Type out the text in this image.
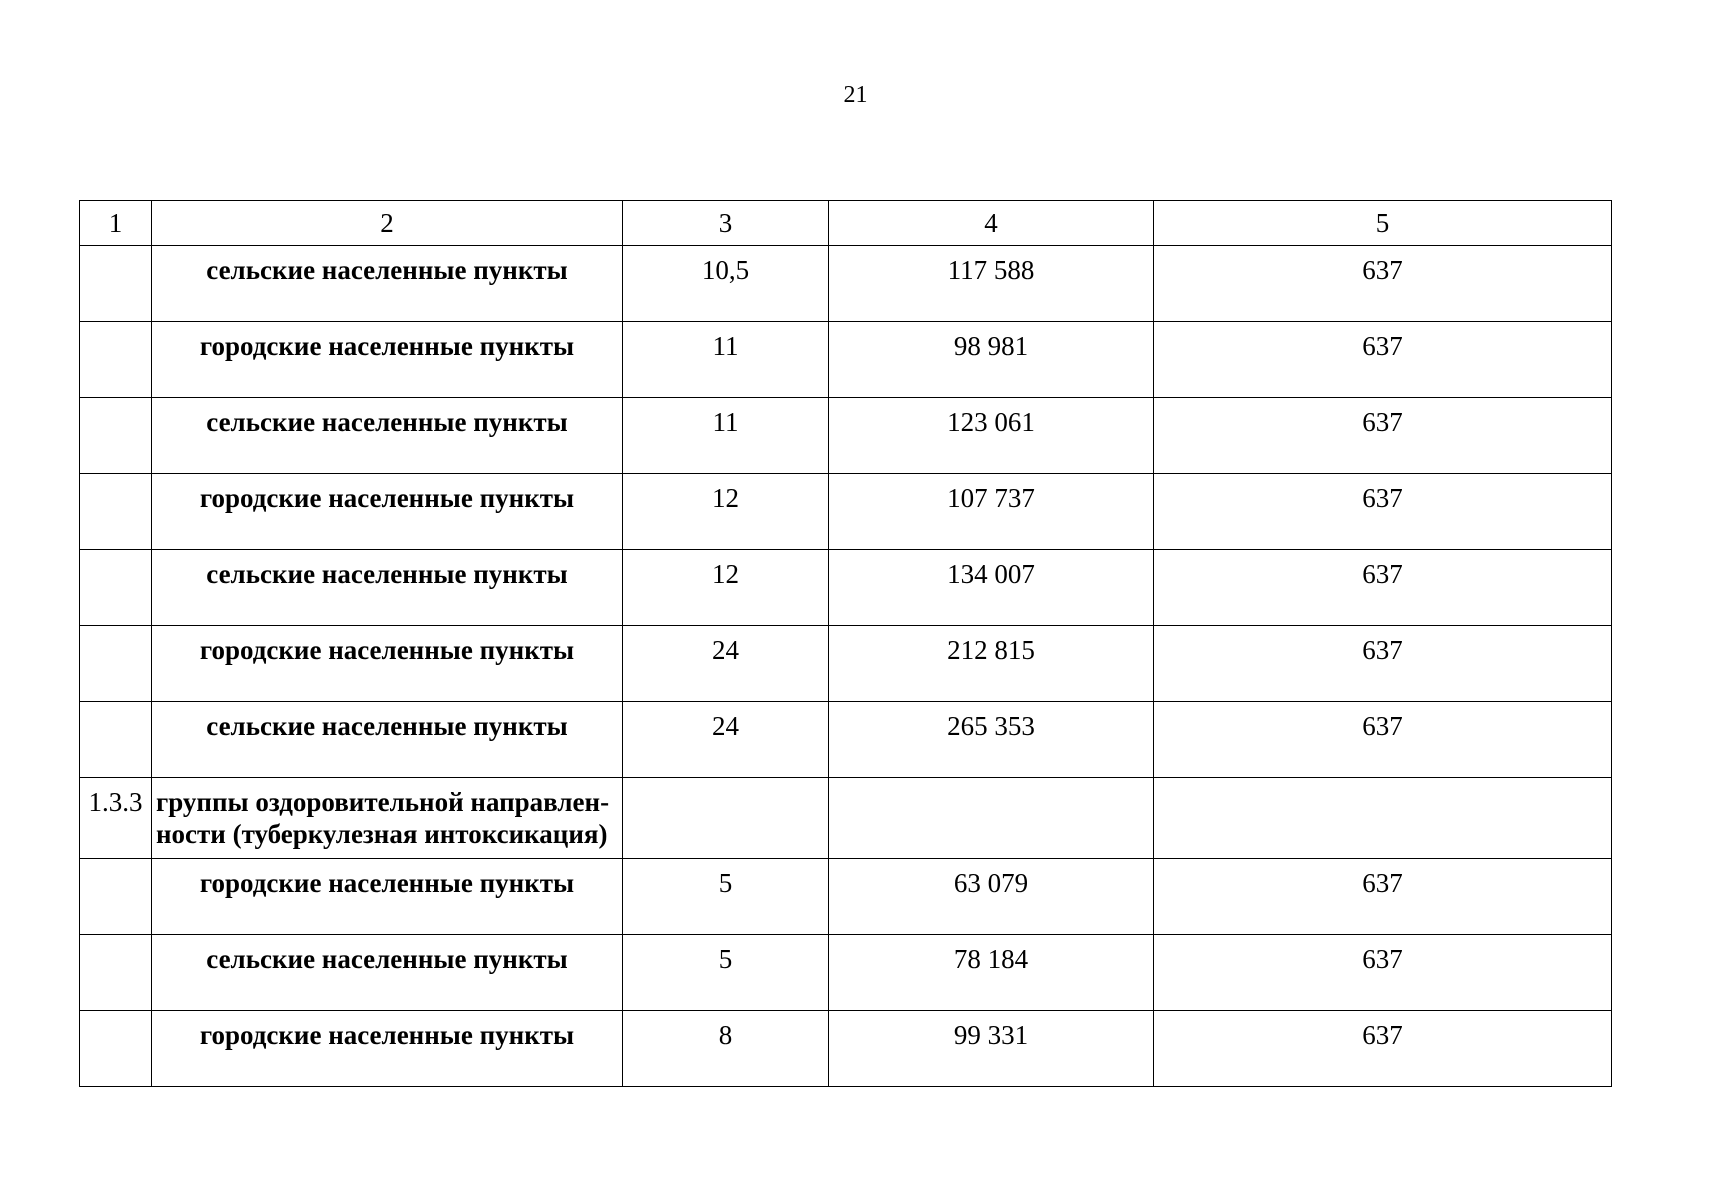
21
1	2	3	4	5
	сельские населенные пункты	10,5	117 588	637
	городские населенные пункты	11	98 981	637
	сельские населенные пункты	11	123 061	637
	городские населенные пункты	12	107 737	637
	сельские населенные пункты	12	134 007	637
	городские населенные пункты	24	212 815	637
	сельские населенные пункты	24	265 353	637
1.3.3	группы оздоровительной направлен-ности (туберкулезная интоксикация)			
	городские населенные пункты	5	63 079	637
	сельские населенные пункты	5	78 184	637
	городские населенные пункты	8	99 331	637
